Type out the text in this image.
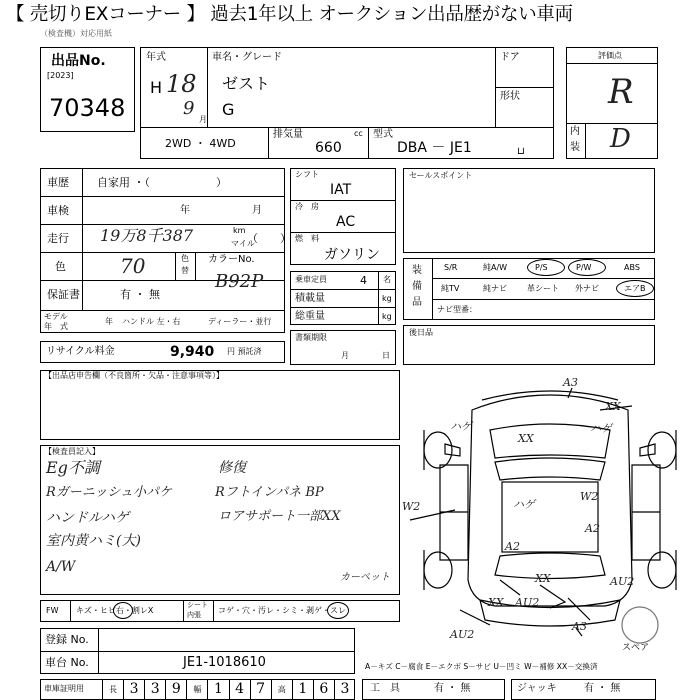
【 売切りEXコーナー 】 過去1年以上 オークション出品歴がない車両
（検査機）対応用紙
出品No.
[2023]
70348
年式
H 18
9
月
車名・グレード
ゼスト
G
ドア
形状
2WD ・ 4WD
排気量	cc
660
型式
DBA － JE1	⊔
評価点
R
内
装 D
車歴	自家用 ・（　　　　　　）
車検	年	月
走行 19万8千387	km
マイル
（　　）
色	70	色
替
カラーNo.
B92P
保証書	有 ・ 無
モデル
年　式
年 ハンドル 左・右	ディーラー・並行
リサイクル料金	9,940 円 預託済
シフト
IAT
冷　房
AC
燃　料
ガソリン
乗車定員	4 名
積載量	kg
総重量	kg
書類期限
月	日
セールスポイント
装
備
品
S/R	純A/W	P/S	P/W	ABS
純TV	純ナビ	革シート 外ナビ	エアB
ナビ型番：
後日品
【出品店申告欄（不良箇所・欠品・注意事項等）】
【検査員記入】
Eg不調
Rガーニッシュ小パケ
ハンドルハゲ
室内黄ハミ(大)
A/W
修復
Rフトインパネ BP
ロアサポート一部XX
FW キズ・ヒビ右・割レX
シート
内張 コゲ・穴・汚レ・シミ・剥ゲ・スレ
登録 No.
車台 No.	JE1-1018610
車庫証明用	長 3 3 9	幅 1 4 7	高 1 6 3	工　具	有 ・ 無	ジャッキ	有 ・ 無
A－キズ C－腐食 E－エクボ S－サビ U－凹ミ W－補修 XX－交換済
A3
XX
XX
ハゲ	ハゲ
W2
W2
A2
ハゲ
A2
XX
AU2
XX
AU2
A3
カーペット	AU2
スペア
